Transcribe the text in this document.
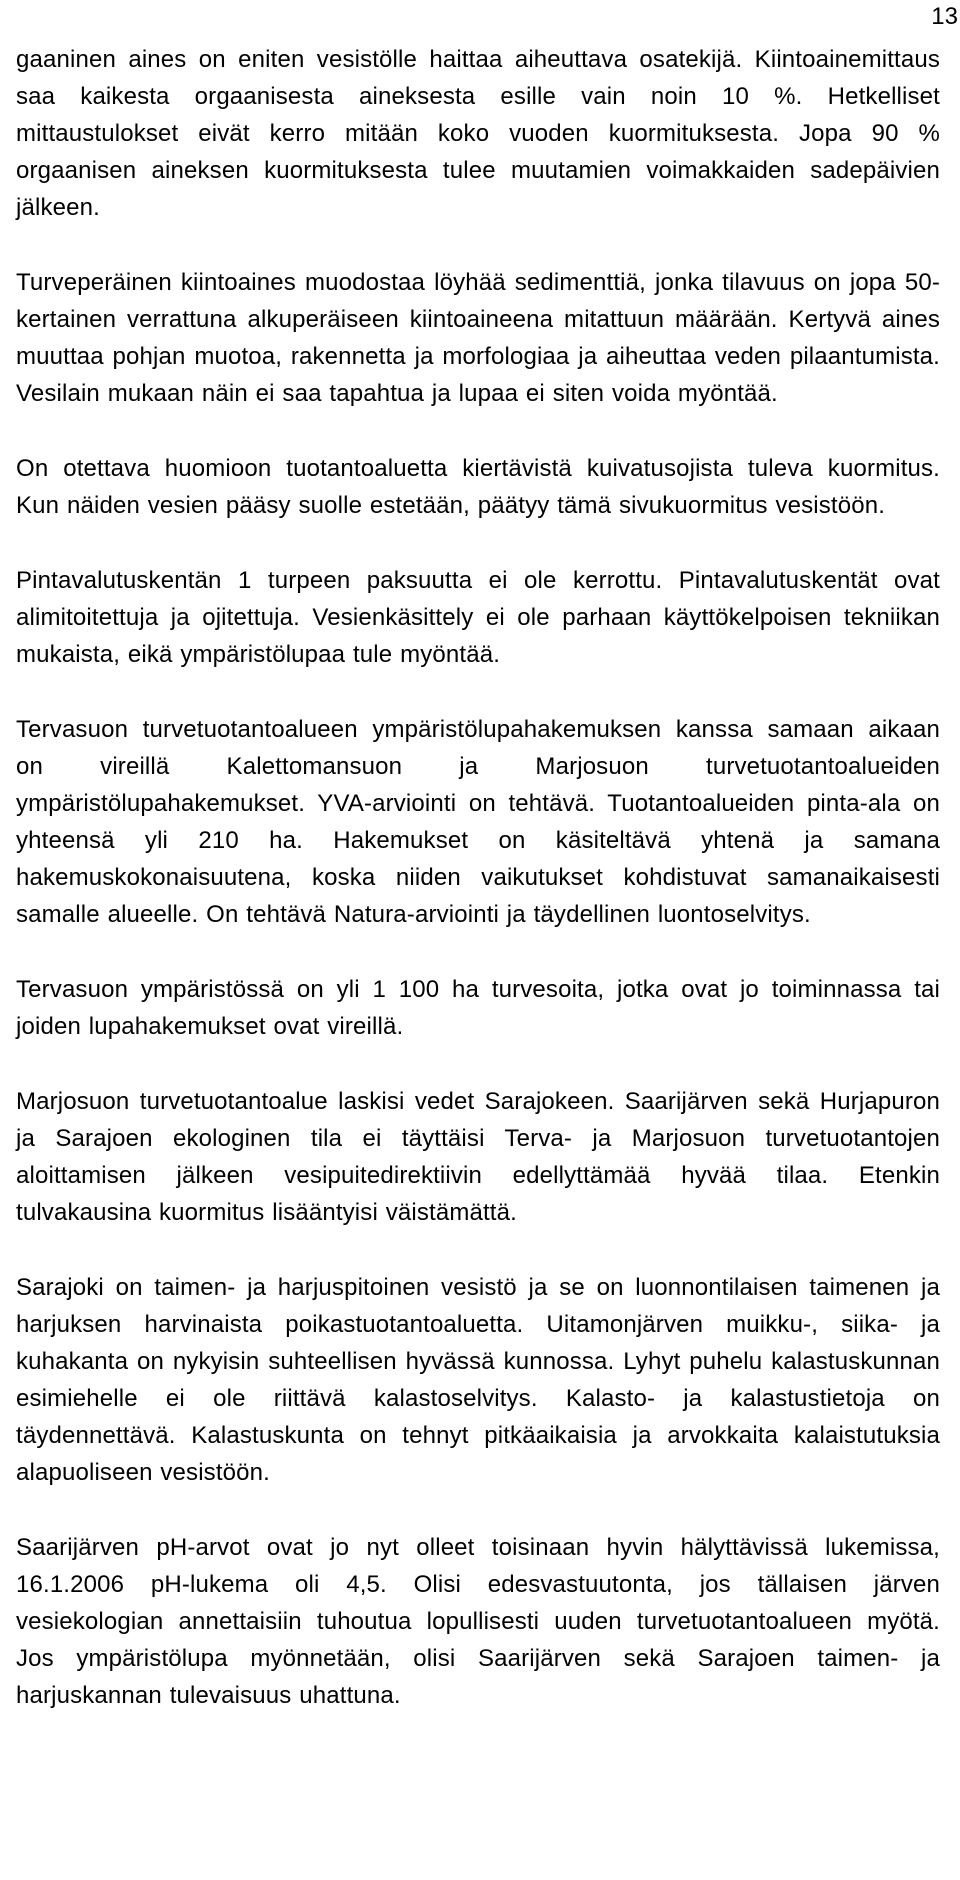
13

gaaninen aines on eniten vesistölle haittaa aiheuttava osatekijä. Kiintoainemittaus saa kaikesta orgaanisesta aineksesta esille vain noin 10 %. Hetkelliset mittaustulokset eivät kerro mitään koko vuoden kuormituksesta. Jopa 90 % orgaanisen aineksen kuormituksesta tulee muutamien voimakkaiden sadepäivien jälkeen.

Turveperäinen kiintoaines muodostaa löyhää sedimenttiä, jonka tilavuus on jopa 50-kertainen verrattuna alkuperäiseen kiintoaineena mitattuun määrään. Kertyvä aines muuttaa pohjan muotoa, rakennetta ja morfologiaa ja aiheuttaa veden pilaantumista. Vesilain mukaan näin ei saa tapahtua ja lupaa ei siten voida myöntää.

On otettava huomioon tuotantoaluetta kiertävistä kuivatusojista tuleva kuormitus. Kun näiden vesien pääsy suolle estetään, päätyy tämä sivukuormitus vesistöön.

Pintavalutuskentän 1 turpeen paksuutta ei ole kerrottu. Pintavalutuskentät ovat alimitoitettuja ja ojitettuja. Vesienkäsittely ei ole parhaan käyttökelpoisen tekniikan mukaista, eikä ympäristölupaa tule myöntää.

Tervasuon turvetuotantoalueen ympäristölupahakemuksen kanssa samaan aikaan on vireillä Kalettomansuon ja Marjosuon turvetuotantoalueiden ympäristölupahakemukset. YVA-arviointi on tehtävä. Tuotantoalueiden pinta-ala on yhteensä yli 210 ha. Hakemukset on käsiteltävä yhtenä ja samana hakemuskokonaisuutena, koska niiden vaikutukset kohdistuvat samanaikaisesti samalle alueelle. On tehtävä Natura-arviointi ja täydellinen luontoselvitys.

Tervasuon ympäristössä on yli 1 100 ha turvesoita, jotka ovat jo toiminnassa tai joiden lupahakemukset ovat vireillä.

Marjosuon turvetuotantoalue laskisi vedet Sarajokeen. Saarijärven sekä Hurjapuron ja Sarajoen ekologinen tila ei täyttäisi Terva- ja Marjosuon turvetuotantojen aloittamisen jälkeen vesipuitedirektiivin edellyttämää hyvää tilaa. Etenkin tulvakausina kuormitus lisääntyisi väistämättä.

Sarajoki on taimen- ja harjuspitoinen vesistö ja se on luonnontilaisen taimenen ja harjuksen harvinaista poikastuotantoaluetta. Uitamonjärven muikku-, siika- ja kuhakanta on nykyisin suhteellisen hyvässä kunnossa. Lyhyt puhelu kalastuskunnan esimiehelle ei ole riittävä kalastoselvitys. Kalasto- ja kalastustietoja on täydennettävä. Kalastuskunta on tehnyt pitkäaikaisia ja arvokkaita kalaistutuksia alapuoliseen vesistöön.

Saarijärven pH-arvot ovat jo nyt olleet toisinaan hyvin hälyttävissä lukemissa, 16.1.2006 pH-lukema oli 4,5. Olisi edesvastuutonta, jos tällaisen järven vesiekologian annettaisiin tuhoutua lopullisesti uuden turvetuotantoalueen myötä. Jos ympäristölupa myönnetään, olisi Saarijärven sekä Sarajoen taimen- ja harjuskannan tulevaisuus uhattuna.
